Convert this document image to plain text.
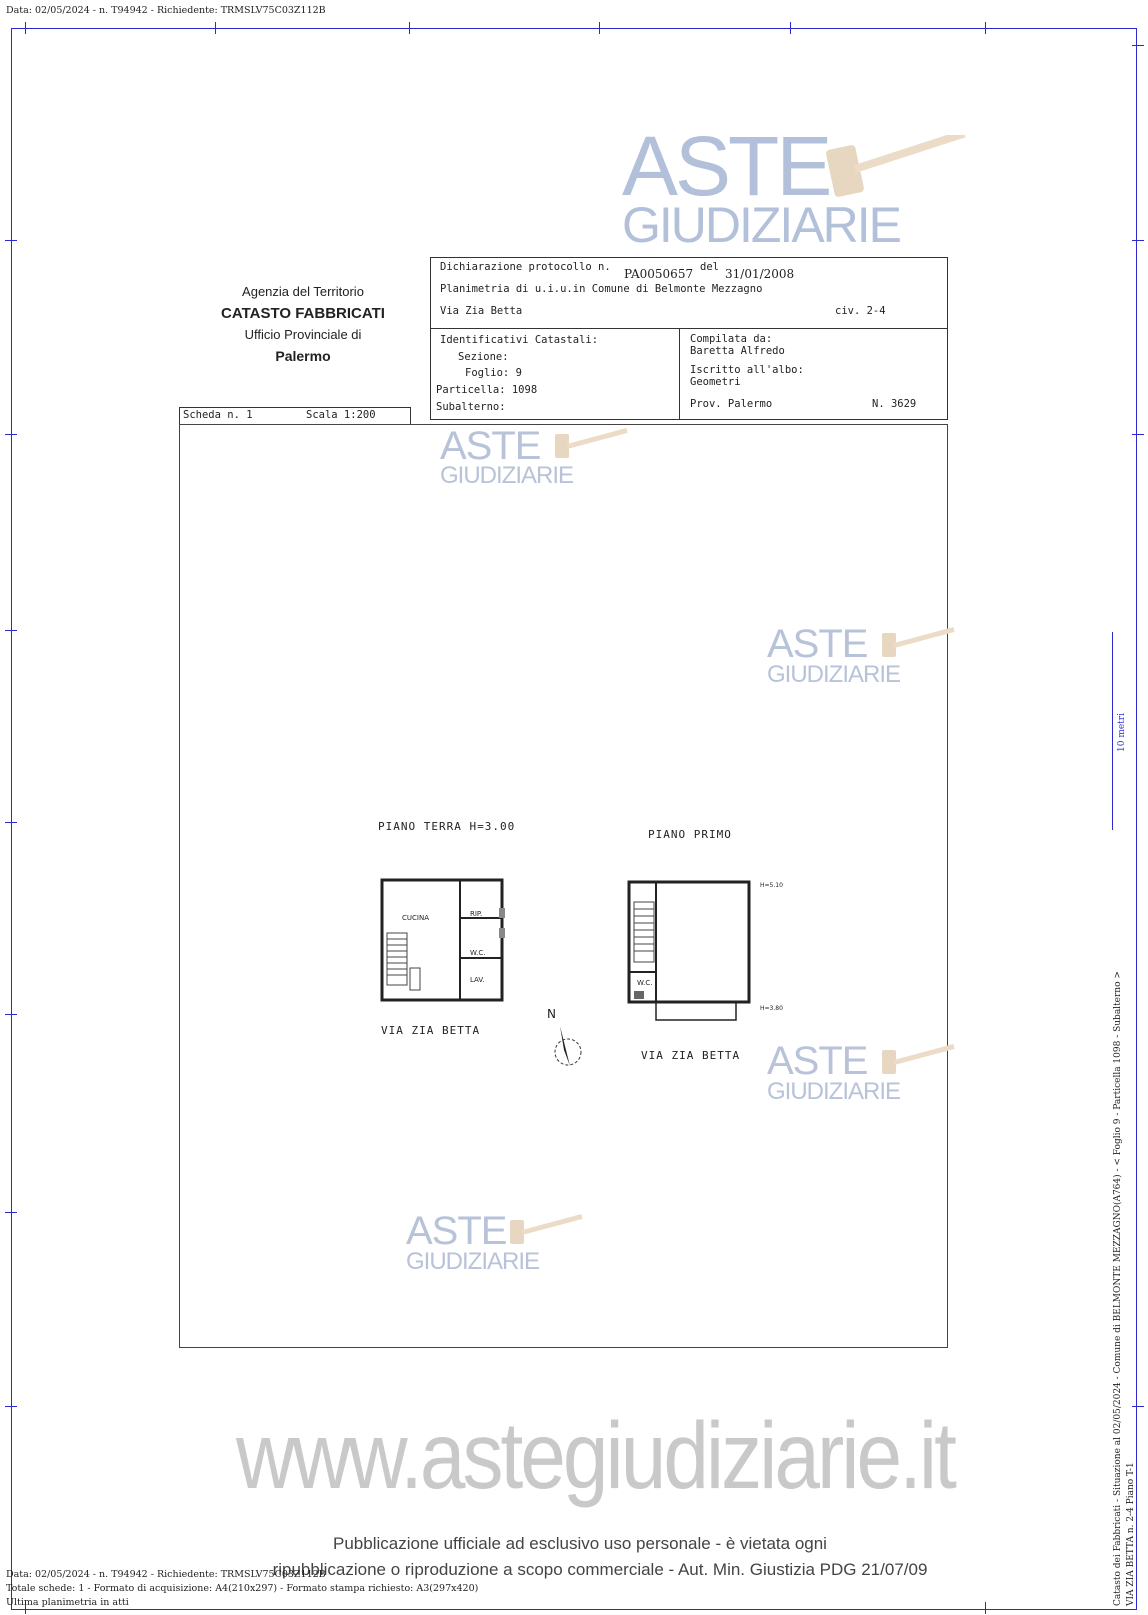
Data: 02/05/2024 - n. T94942 - Richiedente: TRMSLV75C03Z112B
ASTE
GIUDIZIARIE
Agenzia del Territorio
CATASTO FABBRICATI
Ufficio Provinciale di
Palermo
Dichiarazione protocollo n. PA0050657 del 31/01/2008
Planimetria di u.i.u.in Comune di Belmonte Mezzagno
Via Zia Betta	civ. 2-4
Identificativi Catastali:
Sezione:
Foglio: 9
Particella: 1098
Subalterno:
Compilata da:
Baretta Alfredo
Iscritto all'albo:
Geometri
Prov. Palermo	N. 3629
Scheda n. 1	Scala 1:200
ASTE
GIUDIZIARIE
ASTE
GIUDIZIARIE
ASTE
GIUDIZIARIE
ASTE
GIUDIZIARIE
PIANO TERRA H=3.00
PIANO PRIMO
CUCINA	RIP.
W.C.
LAV.
VIA ZIA BETTA
N
W.C.
H=5.10
H=3.80
VIA ZIA BETTA
www.astegiudiziarie.it
Pubblicazione ufficiale ad esclusivo uso personale - è vietata ogni
ripubblicazione o riproduzione a scopo commerciale - Aut. Min. Giustizia PDG 21/07/09
Data: 02/05/2024 - n. T94942 - Richiedente: TRMSLV75C03Z112B
Totale schede: 1 - Formato di acquisizione: A4(210x297) - Formato stampa richiesto: A3(297x420)
Ultima planimetria in atti
10 metri
Catasto dei Fabbricati - Situazione al 02/05/2024 - Comune di BELMONTE MEZZAGNO(A764) - < Foglio 9 - Particella 1098 - Subalterno > VIA ZIA BETTA n. 2-4 Piano T-1
